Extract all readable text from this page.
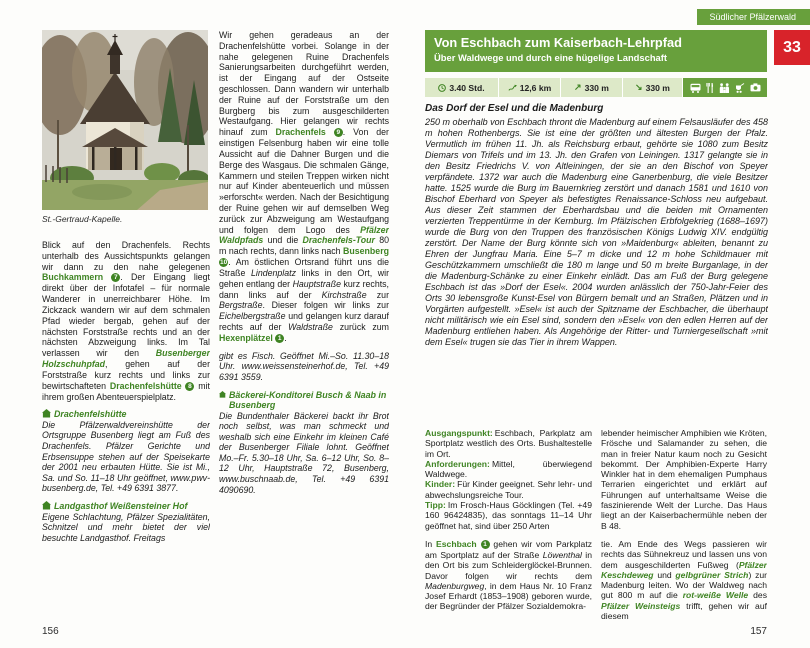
St.-Gertraud-Kapelle.

Blick auf den Drachenfels. Rechts unterhalb des Aussichtspunkts gelangen wir dann zu den nahe gelegenen Buchkammern 7 . Der Eingang liegt direkt über der Infotafel – für normale Wanderer in unerreichbarer Höhe. Im Zickzack wandern wir auf dem schmalen Pfad wieder bergab, gehen auf der nächsten Forststraße rechts und an der nächsten Abzweigung links. Im Tal verlassen wir den Busenberger Holzschuhpfad, gehen auf der Forststraße kurz rechts und links zur bewirtschafteten Drachenfelshütte 8 mit ihrem großen Abenteuerspielplatz.

Drachenfelshütte

Die Pfälzerwaldvereinshütte der Ortsgruppe Busenberg liegt am Fuß des Drachenfels. Pfälzer Gerichte und Erbsensuppe stehen auf der Speisekarte der 2001 neu erbauten Hütte. Sie ist Mi., Sa. und So. 11–18 Uhr geöffnet, www.pwv-busenberg.de, Tel. +49 6391 3877.

Landgasthof Weißensteiner Hof

Eigene Schlachtung, Pfälzer Spezialitäten, Schnitzel und mehr bietet der viel besuchte Landgasthof. Freitags

Wir gehen geradeaus an der Drachenfelshütte vorbei. Solange in der nahe gelegenen Ruine Drachenfels Sanierungsarbeiten durchgeführt werden, ist der Eingang auf der Ostseite geschlossen. Dann wandern wir unterhalb der Ruine auf der Forststraße um den Burgberg bis zum ausgeschilderten Westaufgang. Hier gelangen wir rechts hinauf zum Drachenfels 9 . Von der einstigen Felsenburg haben wir eine tolle Aussicht auf die Dahner Burgen und die Berge des Wasgaus. Die schmalen Gänge, Kammern und steilen Treppen wirken nicht nur auf Kinder abenteuerlich und müssen »erforscht« werden. Nach der Besichtigung der Ruine gehen wir auf demselben Weg zurück zur Abzweigung am Westaufgang und folgen dem Logo des Pfälzer Waldpfads und die Drachenfels-Tour 80 m nach rechts, dann links nach Busenberg 10. Am östlichen Ortsrand führt uns die Straße Lindenplatz links in den Ort, wir gehen entlang der Hauptstraße kurz rechts, dann links auf der Kirchstraße zur Bergstraße. Dieser folgen wir links zur Eichelbergstraße und gelangen kurz darauf rechts auf der Waldstraße zurück zum Hexenplätzel 1 .

gibt es Fisch. Geöffnet Mi.–So. 11.30–18 Uhr. www.weissensteinerhof.de, Tel. +49 6391 3559.

Bäckerei-Konditorei Busch & Naab in Busenberg

Die Bundenthaler Bäckerei backt ihr Brot noch selbst, was man schmeckt und weshalb sich eine Einkehr im kleinen Café der Busenberger Filiale lohnt. Geöffnet Mo.–Fr. 5.30–18 Uhr, Sa. 6–12 Uhr, So. 8–12 Uhr, Hauptstraße 72, Busenberg, www.buschnaab.de, Tel. +49 6391 4090690.

156
Südlicher Pfälzerwald
Von Eschbach zum Kaiserbach-Lehrpfad
Über Waldwege und durch eine hügelige Landschaft
33
3.40 Std.	12,6 km	↗ 330 m	↘ 330 m
Das Dorf der Esel und die Madenburg
250 m oberhalb von Eschbach thront die Madenburg auf einem Felsausläufer des 458 m hohen Rothenbergs. Sie ist eine der größten und ältesten Burgen der Pfalz. Vermutlich im frühen 11. Jh. als Reichsburg erbaut, gehörte sie 1080 zum Besitz Diemars von Trifels und im 13. Jh. den Grafen von Leiningen. 1317 gelangte sie in den Besitz Friedrichs V. von Altleiningen, der sie an den Bischof von Speyer verpfändete. 1372 war auch die Madenburg eine Ganerbenburg, die viele Besitzer hatte. 1525 wurde die Burg im Bauernkrieg zerstört und danach 1581 und 1610 von Bischof Eberhard von Speyer als befestigtes Renaissance-Schloss neu aufgebaut. Aus dieser Zeit stammen der Eberhardsbau und die beiden mit Ornamenten verzierten Treppentürme in der Kernburg. Im Pfälzischen Erbfolgekrieg (1688–1697) wurde die Burg von den Truppen des französischen Königs Ludwig XIV. endgültig zerstört. Der Name der Burg könnte sich von »Maidenburg« ableiten, benannt zu Ehren der Jungfrau Maria. Eine 5–7 m dicke und 12 m hohe Schildmauer mit Geschützkammern umschließt die 180 m lange und 50 m breite Burganlage, in der die Madenburg-Schänke zu einer Einkehr einlädt. Das am Fuß der Burg gelegene Eschbach ist das »Dorf der Esel«. 2004 wurden anlässlich der 750-Jahr-Feier des Orts 30 lebensgroße Kunst-Esel von Bürgern bemalt und an Straßen, Plätzen und in Vorgärten aufgestellt. »Esel« ist auch der Spitzname der Eschbacher, die überhaupt nicht militärisch wie ein Esel sind, sondern den »Esel« von den edlen Herren auf der Madenburg entliehen haben. Als Angehörige der Ritter- und Turniergesellschaft »mit dem Esel« trugen sie das Tier in ihrem Wappen.

Ausgangspunkt: Eschbach, Parkplatz am Sportplatz westlich des Orts. Bushaltestelle im Ort.

Anforderungen: Mittel, überwiegend Waldwege.

Kinder: Für Kinder geeignet. Sehr lehr- und abwechslungsreiche Tour.

Tipp: Im Frosch-Haus Göcklingen (Tel. +49 160 96424835), das sonntags 11–14 Uhr geöffnet hat, sind über 250 Arten

In Eschbach 1 gehen wir vom Parkplatz am Sportplatz auf der Straße Löwenthal in den Ort bis zum Schleiderglöckel-Brunnen. Davor folgen wir rechts dem Madenburgweg, in dem Haus Nr. 10 Franz Josef Erhardt (1853–1908) geboren wurde, der Begründer der Pfälzer Sozialdemokra-

lebender heimischer Amphibien wie Kröten, Frösche und Salamander zu sehen, die man in freier Natur kaum noch zu Gesicht bekommt. Der Amphibien-Experte Harry Winkler hat in dem ehemaligen Pumphaus Terrarien eingerichtet und erklärt auf Führungen auf unterhaltsame Weise die faszinierende Welt der Lurche. Das Haus liegt an der Kaiserbachermühle neben der B 48.

tie. Am Ende des Wegs passieren wir rechts das Sühnekreuz und lassen uns von dem ausgeschilderten Fußweg (Pfälzer Keschdeweg und gelbgrüner Strich) zur Madenburg leiten. Wo der Waldweg nach gut 800 m auf die rot-weiße Welle des Pfälzer Weinsteigs trifft, gehen wir auf diesem

157
